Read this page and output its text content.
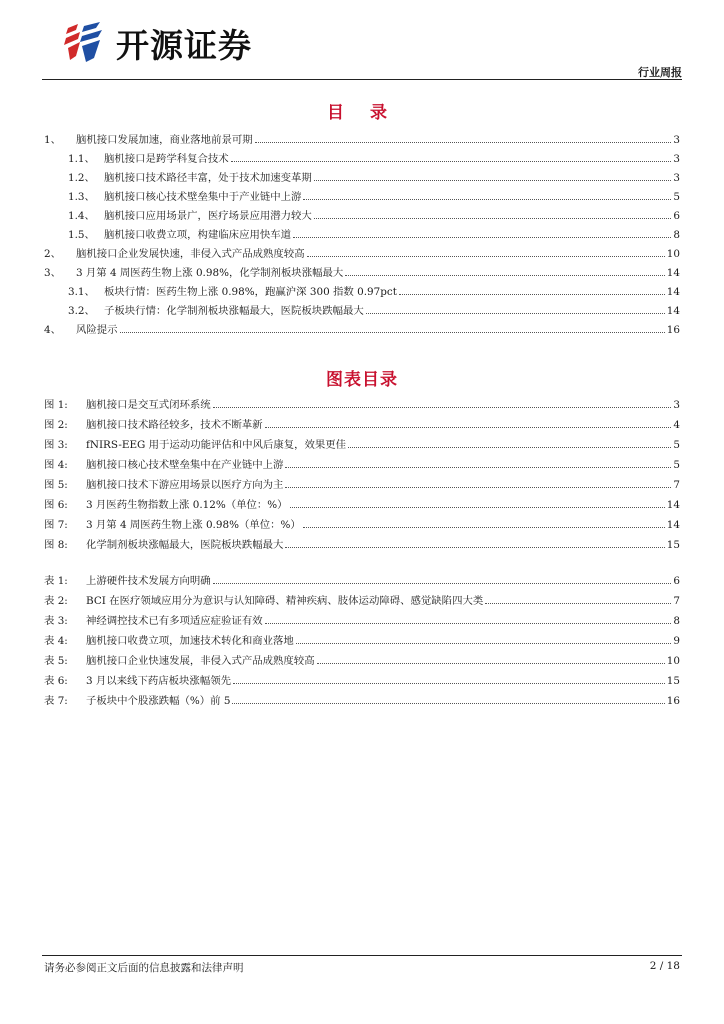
开源证券
行业周报
目 录
1、	脑机接口发展加速，商业落地前景可期	3
1.1、 脑机接口是跨学科复合技术	3
1.2、 脑机接口技术路径丰富，处于技术加速变革期	3
1.3、 脑机接口核心技术壁垒集中于产业链中上游	5
1.4、 脑机接口应用场景广，医疗场景应用潜力较大	6
1.5、 脑机接口收费立项，构建临床应用快车道	8
2、	脑机接口企业发展快速，非侵入式产品成熟度较高	10
3、	3 月第 4 周医药生物上涨 0.98%，化学制剂板块涨幅最大	14
3.1、 板块行情：医药生物上涨 0.98%，跑赢沪深 300 指数 0.97pct	14
3.2、 子板块行情：化学制剂板块涨幅最大，医院板块跌幅最大	14
4、	风险提示	16
图表目录
图 1:	脑机接口是交互式闭环系统	3
图 2:	脑机接口技术路径较多，技术不断革新	4
图 3:	fNIRS-EEG 用于运动功能评估和中风后康复，效果更佳	5
图 4:	脑机接口核心技术壁垒集中在产业链中上游	5
图 5:	脑机接口技术下游应用场景以医疗方向为主	7
图 6:	3 月医药生物指数上涨 0.12%（单位：%）	14
图 7:	3 月第 4 周医药生物上涨 0.98%（单位：%）	14
图 8:	化学制剂板块涨幅最大，医院板块跌幅最大	15
表 1:	上游硬件技术发展方向明确	6
表 2:	BCI 在医疗领域应用分为意识与认知障碍、精神疾病、肢体运动障碍、感觉缺陷四大类	7
表 3:	神经调控技术已有多项适应症验证有效	8
表 4:	脑机接口收费立项，加速技术转化和商业落地	9
表 5:	脑机接口企业快速发展，非侵入式产品成熟度较高	10
表 6:	3 月以来线下药店板块涨幅领先	15
表 7:	子板块中个股涨跌幅（%）前 5	16
请务必参阅正文后面的信息披露和法律声明	2 / 18
